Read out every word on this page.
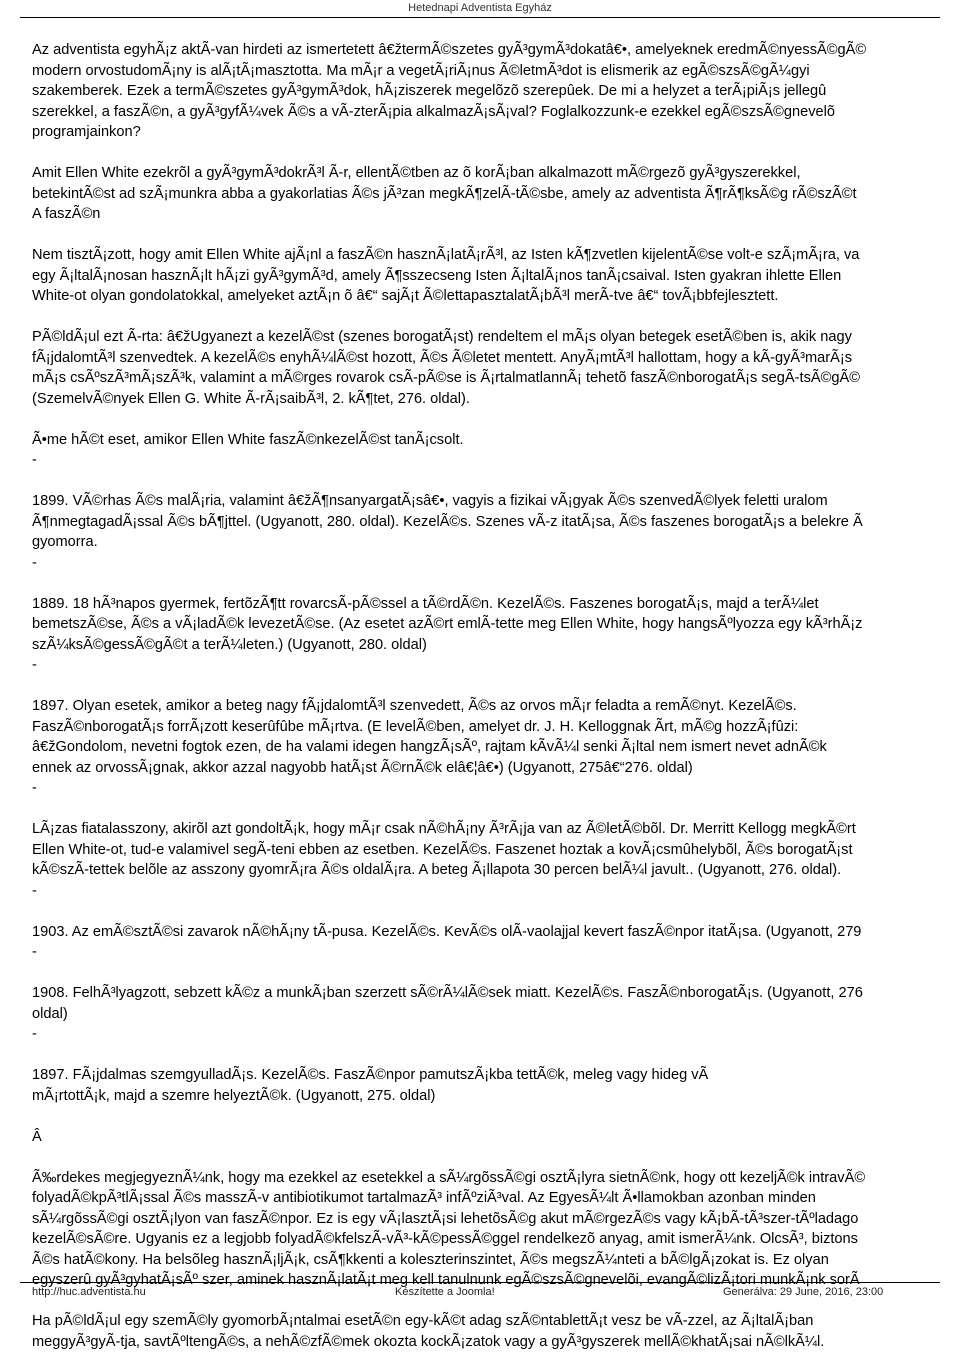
Hetednapi Adventista Egyház

Az adventista egyhÃ¡z aktÃ-van hirdeti az ismertetett â€žtermÃ©szetes gyÃ³gymÃ³dokatâ€•, amelyeknek eredmÃ©nyessÃ©gÃ©

modern orvostudomÃ¡ny is alÃ¡tÃ¡masztotta. Ma mÃ¡r a vegetÃ¡riÃ¡nus Ã©letmÃ³dot is elismerik az egÃ©szsÃ©gÃ¼gyi

szakemberek. Ezek a termÃ©szetes gyÃ³gymÃ³dok, hÃ¡ziszerek megelõzõ szerepûek. De mi a helyzet a terÃ¡piÃ¡s jellegû

szerekkel, a faszÃ©n, a gyÃ³gyfÃ¼vek Ã©s a vÃ-zterÃ¡pia alkalmazÃ¡sÃ¡val? Foglalkozzunk-e ezekkel egÃ©szsÃ©gnevelõ

programjainkon?

Amit Ellen White ezekrõl a gyÃ³gymÃ³dokrÃ³l Ã-r, ellentÃ©tben az õ korÃ¡ban alkalmazott mÃ©rgezõ gyÃ³gyszerekkel,

betekintÃ©st ad szÃ¡munkra abba a gyakorlatias Ã©s jÃ³zan megkÃ¶zelÃ-tÃ©sbe, amely az adventista Ã¶rÃ¶ksÃ©g rÃ©szÃ©t

A faszÃ©n

Nem tisztÃ¡zott, hogy amit Ellen White ajÃ¡nl a faszÃ©n hasznÃ¡latÃ¡rÃ³l, az Isten kÃ¶zvetlen kijelentÃ©se volt-e szÃ¡mÃ¡ra, va

egy Ã¡ltalÃ¡nosan hasznÃ¡lt hÃ¡zi gyÃ³gymÃ³d, amely Ã¶sszecseng Isten Ã¡ltalÃ¡nos tanÃ¡csaival. Isten gyakran ihlette Ellen

White-ot olyan gondolatokkal, amelyeket aztÃ¡n õ â€“ sajÃ¡t Ã©lettapasztalatÃ¡bÃ³l merÃ-tve â€“ tovÃ¡bbfejlesztett.

PÃ©ldÃ¡ul ezt Ã-rta: â€žUgyanezt a kezelÃ©st (szenes borogatÃ¡st) rendeltem el mÃ¡s olyan betegek esetÃ©ben is, akik nagy

fÃ¡jdalomtÃ³l szenvedtek. A kezelÃ©s enyhÃ¼lÃ©st hozott, Ã©s Ã©letet mentett. AnyÃ¡mtÃ³l hallottam, hogy a kÃ-gyÃ³marÃ¡s

mÃ¡s csÃºszÃ³mÃ¡szÃ³k, valamint a mÃ©rges rovarok csÃ-pÃ©se is Ã¡rtalmatlannÃ¡ tehetõ faszÃ©nborogatÃ¡s segÃ-tsÃ©gÃ©

(SzemelvÃ©nyek Ellen G. White Ã-rÃ¡saibÃ³l, 2. kÃ¶tet, 276. oldal).

Ã•me hÃ©t eset, amikor Ellen White faszÃ©nkezelÃ©st tanÃ¡csolt.

-

1899. VÃ©rhas Ã©s malÃ¡ria, valamint â€žÃ¶nsanyargatÃ¡sâ€•, vagyis a fizikai vÃ¡gyak Ã©s szenvedÃ©lyek feletti uralom

Ã¶nmegtagadÃ¡ssal Ã©s bÃ¶jttel. (Ugyanott, 280. oldal). KezelÃ©s. Szenes vÃ-z itatÃ¡sa, Ã©s faszenes borogatÃ¡s a belekre Ã

gyomorra.

-

1889. 18 hÃ³napos gyermek, fertõzÃ¶tt rovarcsÃ-pÃ©ssel a tÃ©rdÃ©n. KezelÃ©s. Faszenes borogatÃ¡s, majd a terÃ¼let

bemetszÃ©se, Ã©s a vÃ¡ladÃ©k levezetÃ©se. (Az esetet azÃ©rt emlÃ-tette meg Ellen White, hogy hangsÃºlyozza egy kÃ³rhÃ¡z

szÃ¼ksÃ©gessÃ©gÃ©t a terÃ¼leten.) (Ugyanott, 280. oldal)

-

1897. Olyan esetek, amikor a beteg nagy fÃ¡jdalomtÃ³l szenvedett, Ã©s az orvos mÃ¡r feladta a remÃ©nyt. KezelÃ©s.

FaszÃ©nborogatÃ¡s forrÃ¡zott keserûfûbe mÃ¡rtva. (E levelÃ©ben, amelyet dr. J. H. Kelloggnak Ãrt, mÃ©g hozzÃ¡fûzi:

â€žGondolom, nevetni fogtok ezen, de ha valami idegen hangzÃ¡sÃº, rajtam kÃvÃ¼l senki Ã¡ltal nem ismert nevet adnÃ©k

ennek az orvossÃ¡gnak, akkor azzal nagyobb hatÃ¡st Ã©rnÃ©k elâ€¦â€•) (Ugyanott, 275â€“276. oldal)

-

LÃ¡zas fiatalasszony, akirõl azt gondoltÃ¡k, hogy mÃ¡r csak nÃ©hÃ¡ny Ã³rÃ¡ja van az Ã©letÃ©bõl. Dr. Merritt Kellogg megkÃ©rt

Ellen White-ot, tud-e valamivel segÃ-teni ebben az esetben. KezelÃ©s. Faszenet hoztak a kovÃ¡csmûhelybõl, Ã©s borogatÃ¡st

kÃ©szÃ-tettek belõle az asszony gyomrÃ¡ra Ã©s oldalÃ¡ra. A beteg Ã¡llapota 30 percen belÃ¼l javult.. (Ugyanott, 276. oldal).

-

1903. Az emÃ©sztÃ©si zavarok nÃ©hÃ¡ny tÃ-pusa. KezelÃ©s. KevÃ©s olÃ-vaolajjal kevert faszÃ©npor itatÃ¡sa. (Ugyanott, 279

-

1908. FelhÃ³lyagzott, sebzett kÃ©z a munkÃ¡ban szerzett sÃ©rÃ¼lÃ©sek miatt. KezelÃ©s. FaszÃ©nborogatÃ¡s. (Ugyanott, 276

oldal)

-

1897. FÃ¡jdalmas szemgyulladÃ¡s. KezelÃ©s. FaszÃ©npor pamutszÃ¡kba tettÃ©k, meleg vagy hideg vÃ

mÃ¡rtottÃ¡k, majd a szemre helyeztÃ©k. (Ugyanott, 275. oldal)

Â

Ã‰rdekes megjegyeznÃ¼nk, hogy ma ezekkel az esetekkel a sÃ¼rgõssÃ©gi osztÃ¡lyra sietnÃ©nk, hogy ott kezeljÃ©k intravÃ©

folyadÃ©kpÃ³tlÃ¡ssal Ã©s masszÃ-v antibiotikumot tartalmazÃ³ infÃºziÃ³val. Az EgyesÃ¼lt Ã•llamokban azonban minden

sÃ¼rgõssÃ©gi osztÃ¡lyon van faszÃ©npor. Ez is egy vÃ¡lasztÃ¡si lehetõsÃ©g akut mÃ©rgezÃ©s vagy kÃ¡bÃ-tÃ³szer-tÃºladago

kezelÃ©sÃ©re. Ugyanis ez a legjobb folyadÃ©kfelszÃ-vÃ³-kÃ©pessÃ©ggel rendelkezõ anyag, amit ismerÃ¼nk. OlcsÃ³, biztons

Ã©s hatÃ©kony. Ha belsõleg hasznÃ¡ljÃ¡k, csÃ¶kkenti a koleszterinszintet, Ã©s megszÃ¼nteti a bÃ©lgÃ¡zokat is. Ez olyan

egyszerû gyÃ³gyhatÃ¡sÃº szer, aminek hasznÃ¡latÃ¡t meg kell tanulnunk egÃ©szsÃ©gnevelõi, evangÃ©lizÃ¡tori munkÃ¡nk sorÃ

Ha pÃ©ldÃ¡ul egy szemÃ©ly gyomorbÃ¡ntalmai esetÃ©n egy-kÃ©t adag szÃ©ntablettÃ¡t vesz be vÃ-zzel, az Ã¡ltalÃ¡ban

meggyÃ³gyÃ-tja, savtÃºltengÃ©s, a nehÃ©zfÃ©mek okozta kockÃ¡zatok vagy a gyÃ³gyszerek mellÃ©khatÃ¡sai nÃ©lkÃ¼l.

http://huc.adventista.hu	Készítette a Joomla!	Generálva: 29 June, 2016, 23:00
